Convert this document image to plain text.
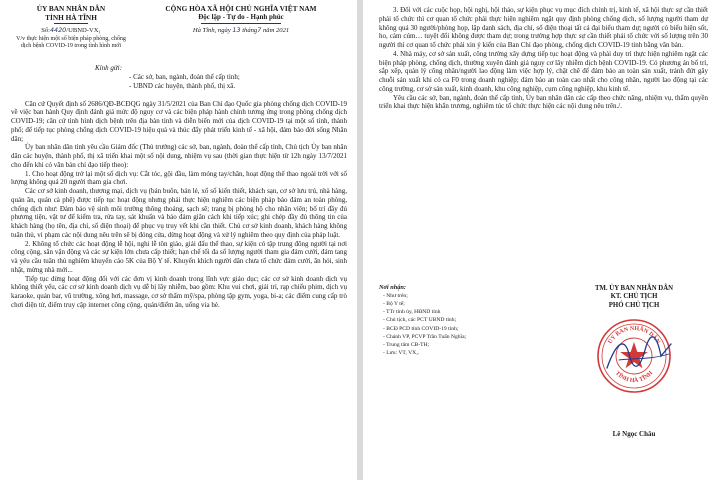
ỦY BAN NHÂN DÂN
TỈNH HÀ TĨNH
Số:4420/UBND-VX₁
V/v thực hiện một số biện pháp phòng, chống dịch bệnh COVID-19 trong tình hình mới
CỘNG HÒA XÃ HỘI CHỦ NGHĨA VIỆT NAM
Độc lập - Tự do - Hạnh phúc
Hà Tĩnh, ngày 13 tháng7 năm 2021
Kính gửi:
- Các sở, ban, ngành, đoàn thể cấp tỉnh;
- UBND các huyện, thành phố, thị xã.

Căn cứ Quyết định số 2686/QĐ-BCĐQG ngày 31/5/2021 của Ban Chỉ đạo Quốc gia phòng chống dịch COVID-19 về việc ban hành Quy định đánh giá mức độ nguy cơ và các biện pháp hành chính tương ứng trong phòng chống dịch COVID-19; căn cứ tình hình dịch bệnh trên địa bàn tỉnh và diễn biến mới của dịch COVID-19 tại một số tỉnh, thành phố; để tiếp tục phòng chống dịch COVID-19 hiệu quả và thúc đẩy phát triển kinh tế - xã hội, đảm bảo đời sống Nhân dân;

Ủy ban nhân dân tỉnh yêu cầu Giám đốc (Thủ trưởng) các sở, ban, ngành, đoàn thể cấp tỉnh, Chủ tịch Ủy ban nhân dân các huyện, thành phố, thị xã triển khai một số nội dung, nhiệm vụ sau (thời gian thực hiện từ 12h ngày 13/7/2021 cho đến khi có văn bản chỉ đạo tiếp theo):

1. Cho hoạt động trở lại một số dịch vụ: Cắt tóc, gội đầu, làm móng tay/chân, hoạt động thể thao ngoài trời với số lượng không quá 20 người tham gia chơi.

Các cơ sở kinh doanh, thương mại, dịch vụ (bán buôn, bán lẻ, xổ số kiến thiết, khách sạn, cơ sở lưu trú, nhà hàng, quán ăn, quán cà phê) được tiếp tục hoạt động nhưng phải thực hiện nghiêm các biện pháp bảo đảm an toàn phòng, chống dịch như: Đảm bảo vệ sinh môi trường thông thoáng, sạch sẽ; trang bị phòng hộ cho nhân viên; bố trí đầy đủ phương tiện, vật tư để kiểm tra, rửa tay, sát khuẩn và bảo đảm giãn cách khi tiếp xúc; ghi chép đầy đủ thông tin của khách hàng (họ tên, địa chỉ, số điện thoại) để phục vụ truy vết khi cần thiết. Chủ cơ sở kinh doanh, khách hàng không tuân thủ, vi phạm các nội dung nêu trên sẽ bị đóng cửa, dừng hoạt động và xử lý nghiêm theo quy định của pháp luật.

2. Không tổ chức các hoạt động lễ hội, nghi lễ tôn giáo, giải đấu thể thao, sự kiện có tập trung đông người tại nơi công cộng, sân vận động và các sự kiện lớn chưa cấp thiết; hạn chế tối đa số lượng người tham gia đám cưới, đám tang và yêu cầu tuân thủ nghiêm khuyến cáo 5K của Bộ Y tế. Khuyến khích người dân chưa tổ chức đám cưới, ăn hỏi, sinh nhật, mừng nhà mới...

Tiếp tục dừng hoạt động đối với các đơn vị kinh doanh trong lĩnh vực giáo dục; các cơ sở kinh doanh dịch vụ không thiết yếu, các cơ sở kinh doanh dịch vụ dễ bị lây nhiễm, bao gồm: Khu vui chơi, giải trí, rạp chiếu phim, dịch vụ karaoke, quán bar, vũ trường, xông hơi, massage, cơ sở thẩm mỹ/spa, phòng tập gym, yoga, bi-a; các điểm cung cấp trò chơi điện tử, điểm truy cập internet công cộng, quán/điểm ăn, uống via hè.

3. Đối với các cuộc họp, hội nghị, hội thảo, sự kiện phục vụ mục đích chính trị, kinh tế, xã hội thực sự cần thiết phải tổ chức thì cơ quan tổ chức phải thực hiện nghiêm ngặt quy định phòng chống dịch, số lượng người tham dự không quá 30 người/phòng họp, lập danh sách, địa chỉ, số điện thoại tất cả đại biểu tham dự; người có biểu hiện sốt, ho, cảm cúm… tuyệt đối không được tham dự; trong trường hợp thực sự cần thiết phải tổ chức với số lượng trên 30 người thì cơ quan tổ chức phải xin ý kiến của Ban Chỉ đạo phòng, chống dịch COVID-19 tỉnh bằng văn bản.

4. Nhà máy, cơ sở sản xuất, công trường xây dựng tiếp tục hoạt động và phải duy trì thực hiện nghiêm ngặt các biện pháp phòng, chống dịch, thường xuyên đánh giá nguy cơ lây nhiễm dịch bệnh COVID-19. Có phương án bố trí, sắp xếp, quản lý công nhân/người lao động làm việc hợp lý, chặt chẽ để đảm bảo an toàn sản xuất, tránh đứt gãy chuỗi sản xuất khi có ca F0 trong doanh nghiệp; đảm bảo an toàn cao nhất cho công nhân, người lao động tại các công trường, cơ sở sản xuất, kinh doanh, khu công nghiệp, cụm công nghiệp, khu kinh tế.

Yêu cầu các sở, ban, ngành, đoàn thể cấp tỉnh, Ủy ban nhân dân các cấp theo chức năng, nhiệm vụ, thẩm quyền triển khai thực hiện khẩn trương, nghiêm túc tổ chức thực hiện các nội dung nêu trên./.

Nơi nhận:
- Như trên;
- Bộ Y tế;
- TTr tỉnh ủy, HĐND tỉnh
- Chủ tịch, các PCT UBND tỉnh;
- BCĐ PCD tỉnh COVID-19 tỉnh;
- Chánh VP, PCVP Trần Tuấn Nghĩa;
- Trung tâm CB-TH;
- Lưu: VT, VX₁.
TM. ỦY BAN NHÂN DÂN
KT. CHỦ TỊCH
PHÓ CHỦ TỊCH
ỦY BAN NHÂN DÂN
TỈNH HÀ TĨNH
Lê Ngọc Châu
